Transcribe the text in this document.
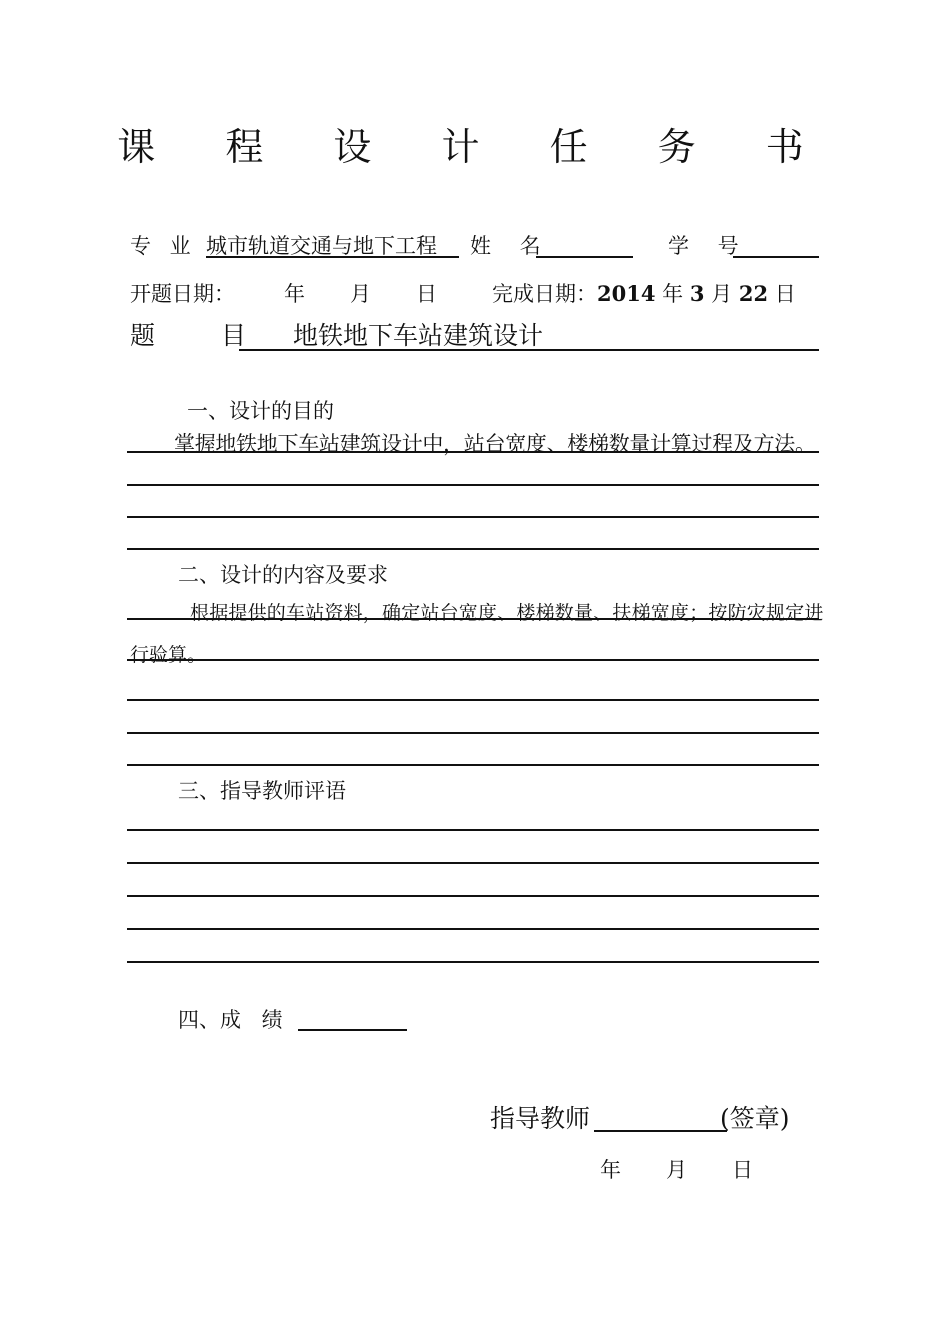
课 程 设 计 任 务 书
专 业 城市轨道交通与地下工程	姓 名	学 号
开题日期： 年 月 日	完成日期：2014 年 3 月 22 日
题 目	地铁地下车站建筑设计
一、设计的目的
掌握地铁地下车站建筑设计中，站台宽度、楼梯数量计算过程及方法。
二、设计的内容及要求
根据提供的车站资料，确定站台宽度、楼梯数量、扶梯宽度；按防灾规定进
行验算。
三、指导教师评语
四、成 绩
指导教师	(签章)
年 月 日
